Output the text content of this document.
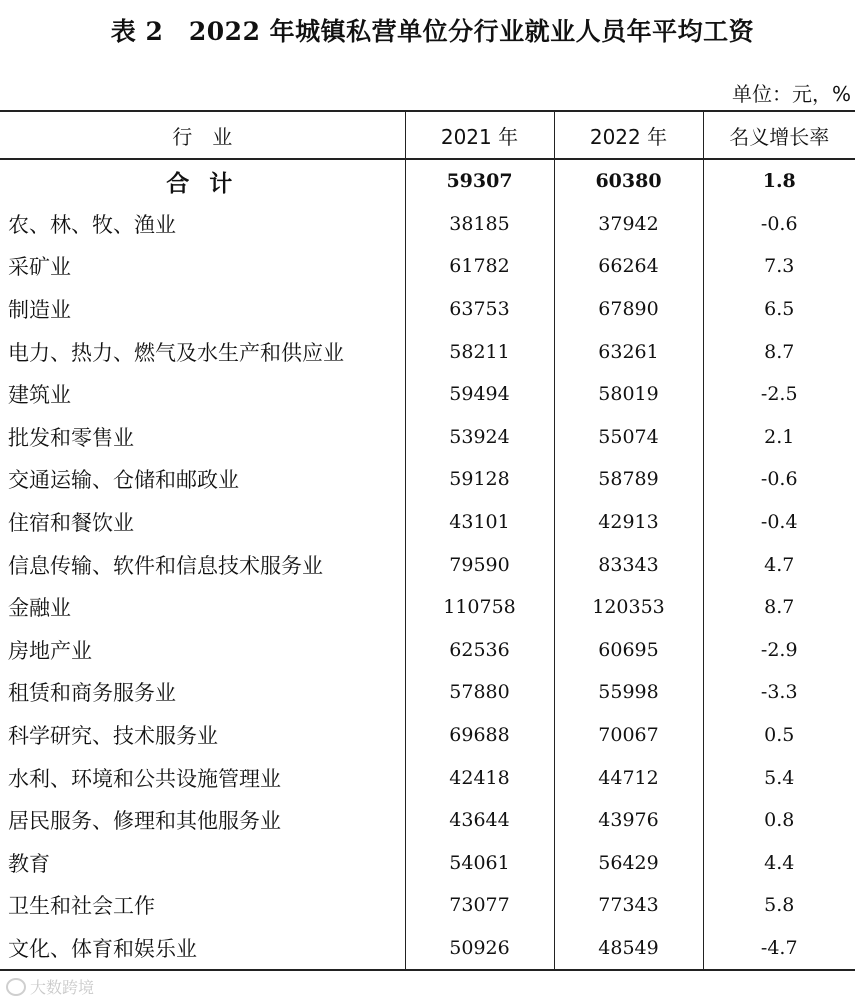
表 2　2022 年城镇私营单位分行业就业人员年平均工资
单位：元，%
行　业	2021 年	2022 年	名义增长率
合 计	59307	60380	1.8
农、林、牧、渔业	38185	37942	-0.6
采矿业	61782	66264	7.3
制造业	63753	67890	6.5
电力、热力、燃气及水生产和供应业	58211	63261	8.7
建筑业	59494	58019	-2.5
批发和零售业	53924	55074	2.1
交通运输、仓储和邮政业	59128	58789	-0.6
住宿和餐饮业	43101	42913	-0.4
信息传输、软件和信息技术服务业	79590	83343	4.7
金融业	110758	120353	8.7
房地产业	62536	60695	-2.9
租赁和商务服务业	57880	55998	-3.3
科学研究、技术服务业	69688	70067	0.5
水利、环境和公共设施管理业	42418	44712	5.4
居民服务、修理和其他服务业	43644	43976	0.8
教育	54061	56429	4.4
卫生和社会工作	73077	77343	5.8
文化、体育和娱乐业	50926	48549	-4.7
大数跨境
